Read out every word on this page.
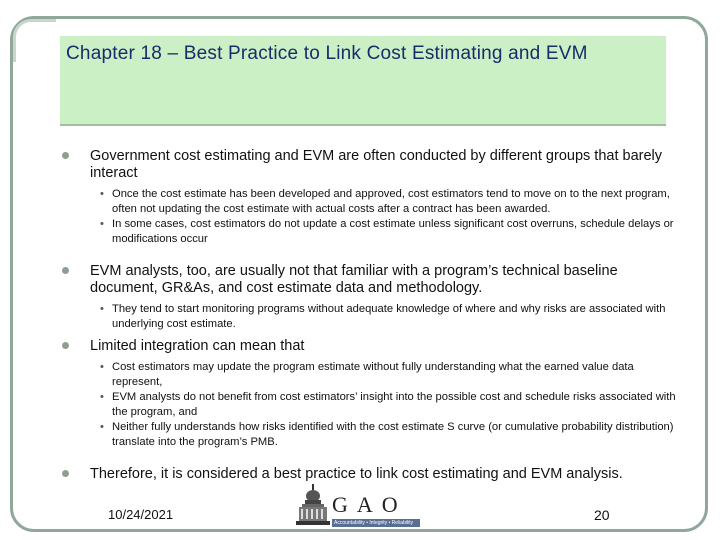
Chapter 18 – Best Practice to Link Cost Estimating and EVM
Government cost estimating and EVM are often conducted by different groups that barely interact
• Once the cost estimate has been developed and approved, cost estimators tend to move on to the next program, often not updating the cost estimate with actual costs after a contract has been awarded.
• In some cases, cost estimators do not update a cost estimate unless significant cost overruns, schedule delays or modifications occur
EVM analysts, too, are usually not that familiar with a program’s technical baseline document, GR&As, and cost estimate data and methodology.
• They tend to start monitoring programs without adequate knowledge of where and why risks are associated with underlying cost estimate.
Limited integration can mean that
• Cost estimators may update the program estimate without fully understanding what the earned value data represent,
• EVM analysts do not benefit from cost estimators’ insight into the possible cost and schedule risks associated with the program, and
• Neither fully understands how risks identified with the cost estimate S curve (or cumulative probability distribution) translate into the program’s PMB.
Therefore, it is considered a best practice to link cost estimating and EVM analysis.
10/24/2021	GAO
Accountability • Integrity • Reliability	20
